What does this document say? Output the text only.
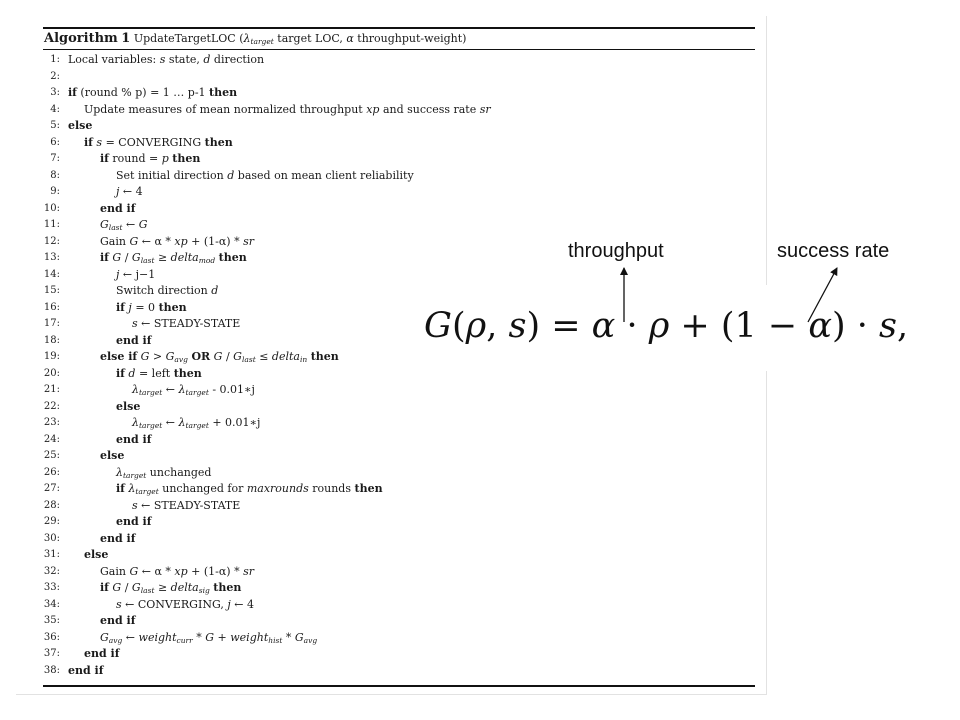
Algorithm 1 UpdateTargetLOC ($\lambda_{target}$ target LOC, α throughput-weight)
1: Local variables: s state, d direction
2:
3: if (round % p) = 1 … p-1 then
4: Update measures of mean normalized throughput xp and success rate sr
5: else
6: if s = CONVERGING then
7:	if round = p then
8:	Set initial direction d based on mean client reliability
9:	j ← 4
10:	end if
11:	$G_{last}$ ← G
12:	Gain G ← α * xp + (1-α) * sr
13:	if G / $G_{last}$ ≥ delta$_{mod}$ then
14:	j ← j−1
15:	Switch direction d
16:	if j = 0 then
17:	s ← STEADY-STATE
18:	end if
19:	else if $G > G_{avg}$ OR G / $G_{last}$ ≤ delta$_{in}$ then
20:	if d = left then
21:	$\lambda_{target}$ ← $\lambda_{target}$ - 0.01∗j
22:	else
23:	$\lambda_{target}$ ← $\lambda_{target}$ + 0.01∗j
24:	end if
25:	else
26:	$\lambda_{target}$ unchanged
27:	if $\lambda_{target}$ unchanged for maxrounds rounds then
28:	s ← STEADY-STATE
29:	end if
30:	end if
31: else
32:	Gain G ← α * xp + (1-α) * sr
33:	if G / $G_{last}$ ≥ delta$_{sig}$ then
34:	s ← CONVERGING, j ← 4
35:	end if
36:	$G_{avg}$ ← weight$_{curr}$ * G + weight$_{hist}$ * $G_{avg}$
37: end if
38: end if
G(ρ, s) = α · ρ + (1 − α) · s,
throughput	success rate
